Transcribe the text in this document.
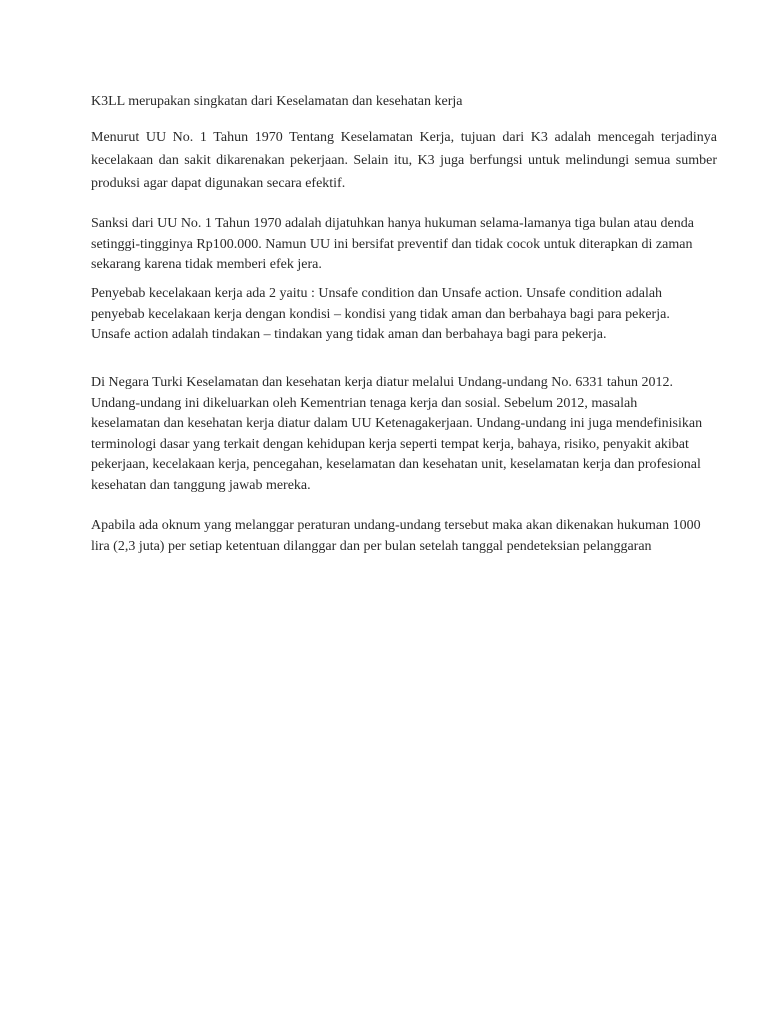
K3LL merupakan singkatan dari Keselamatan dan kesehatan kerja

Menurut UU No. 1 Tahun 1970 Tentang Keselamatan Kerja, tujuan dari K3 adalah mencegah terjadinya kecelakaan dan sakit dikarenakan pekerjaan. Selain itu, K3 juga berfungsi untuk melindungi semua sumber produksi agar dapat digunakan secara efektif.

Sanksi dari UU No. 1 Tahun 1970 adalah dijatuhkan hanya hukuman selama-lamanya tiga bulan atau denda setinggi-tingginya Rp100.000. Namun UU ini bersifat preventif dan tidak cocok untuk diterapkan di zaman sekarang karena tidak memberi efek jera.

Penyebab kecelakaan kerja ada 2 yaitu : Unsafe condition dan Unsafe action. Unsafe condition adalah penyebab kecelakaan kerja dengan kondisi – kondisi yang tidak aman dan berbahaya bagi para pekerja. Unsafe action adalah tindakan – tindakan yang tidak aman dan berbahaya bagi para pekerja.

Di Negara Turki Keselamatan dan kesehatan kerja diatur melalui Undang-undang No. 6331 tahun 2012. Undang-undang ini dikeluarkan oleh Kementrian tenaga kerja dan sosial. Sebelum 2012, masalah keselamatan dan kesehatan kerja diatur dalam UU Ketenagakerjaan. Undang-undang ini juga mendefinisikan terminologi dasar yang terkait dengan kehidupan kerja seperti tempat kerja, bahaya, risiko, penyakit akibat pekerjaan, kecelakaan kerja, pencegahan, keselamatan dan kesehatan unit, keselamatan kerja dan profesional kesehatan dan tanggung jawab mereka.

Apabila ada oknum yang melanggar peraturan undang-undang tersebut maka akan dikenakan hukuman 1000 lira (2,3 juta) per setiap ketentuan dilanggar dan per bulan setelah tanggal pendeteksian pelanggaran
